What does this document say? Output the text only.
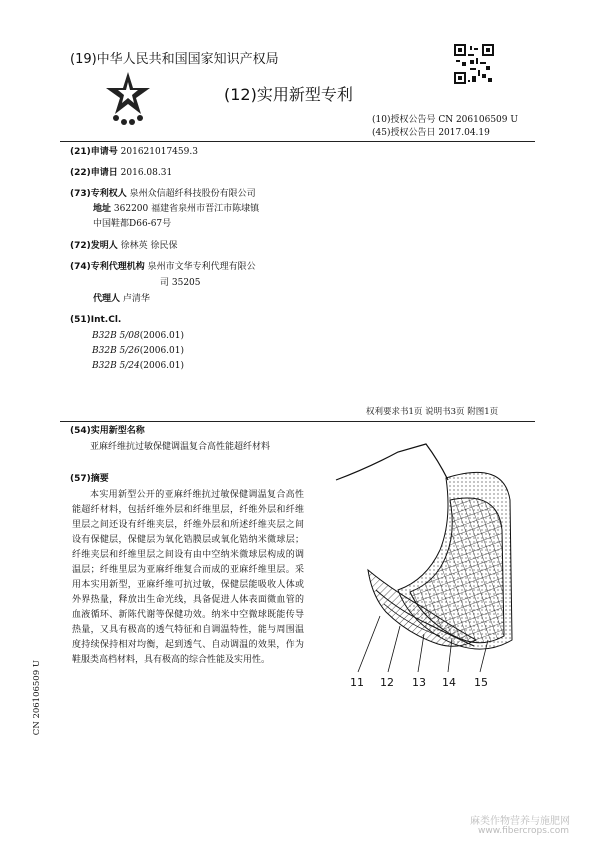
(19)中华人民共和国国家知识产权局
(12)实用新型专利
(10)授权公告号 CN 206106509 U
(45)授权公告日 2017.04.19
(21)申请号 201621017459.3
(22)申请日 2016.08.31
(73)专利权人 泉州众信超纤科技股份有限公司
地址 362200 福建省泉州市晋江市陈埭镇
中国鞋都D66-67号
(72)发明人 徐林英 徐民保
(74)专利代理机构 泉州市文华专利代理有限公
司 35205
代理人 卢清华
(51)Int.Cl.
B32B 5/08(2006.01)
B32B 5/26(2006.01)
B32B 5/24(2006.01)
权利要求书1页 说明书3页 附图1页
(54)实用新型名称
亚麻纤维抗过敏保健调温复合高性能超纤材料
(57)摘要
本实用新型公开的亚麻纤维抗过敏保健调温复合高性能超纤材料，包括纤维外层和纤维里层，纤维外层和纤维里层之间还设有纤维夹层，纤维外层和所述纤维夹层之间设有保健层，保健层为氧化锆膜层或氧化锆纳米微球层；纤维夹层和纤维里层之间设有由中空纳米微球层构成的调温层；纤维里层为亚麻纤维复合而成的亚麻纤维里层。采用本实用新型，亚麻纤维可抗过敏，保健层能吸收人体或外界热量，释放出生命光线，具备促进人体表面微血管的血液循环、新陈代谢等保健功效。纳米中空微球既能传导热量，又具有极高的透气特征和自调温特性，能与周围温度持续保持相对均衡，起到透气、自动调温的效果，作为鞋服类高档材料，具有极高的综合性能及实用性。
11 12 13 14 15
CN 206106509 U
麻类作物营养与施肥网
www.fibercrops.com
